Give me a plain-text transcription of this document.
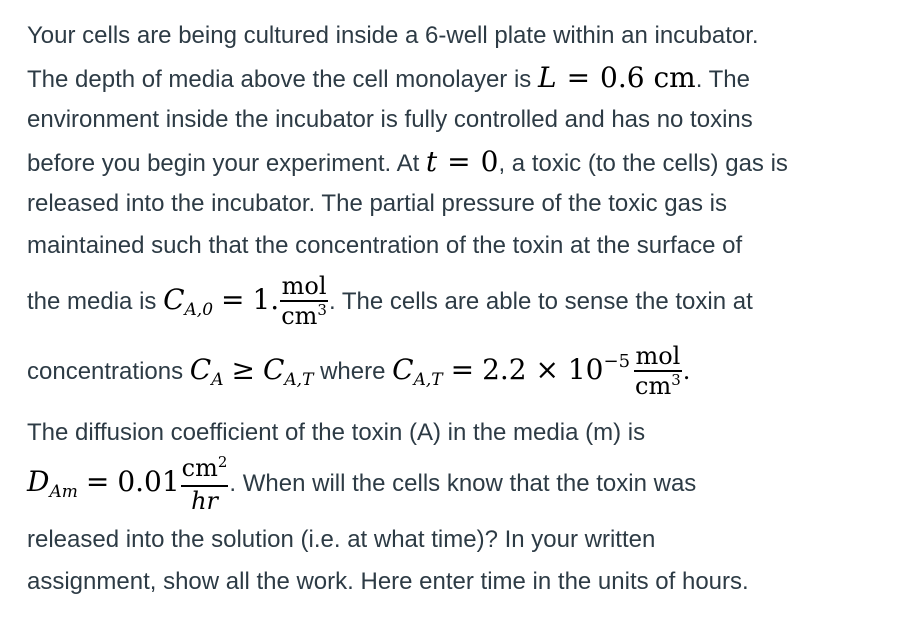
Your cells are being cultured inside a 6-well plate within an incubator.
The depth of media above the cell monolayer is L = 0.6 cm. The
environment inside the incubator is fully controlled and has no toxins
before you begin your experiment. At t = 0, a toxic (to the cells) gas is
released into the incubator. The partial pressure of the toxic gas is
maintained such that the concentration of the toxin at the surface of
the media is $C_{A,0} = 1$. $\frac{\text{mol}}{cm^3}$ . The cells are able to sense the toxin at
concentrations $C_A \ge C_{A,T}$ where $C_{A,T} = 2.2 \times 10^{-5} \frac{\text{mol}}{cm^3}$ .
The diffusion coefficient of the toxin (A) in the media (m) is
$D_{Am} = 0.01 \frac{cm^2}{hr}$ . When will the cells know that the toxin was
released into the solution (i.e. at what time)? In your written
assignment, show all the work. Here enter time in the units of hours.
